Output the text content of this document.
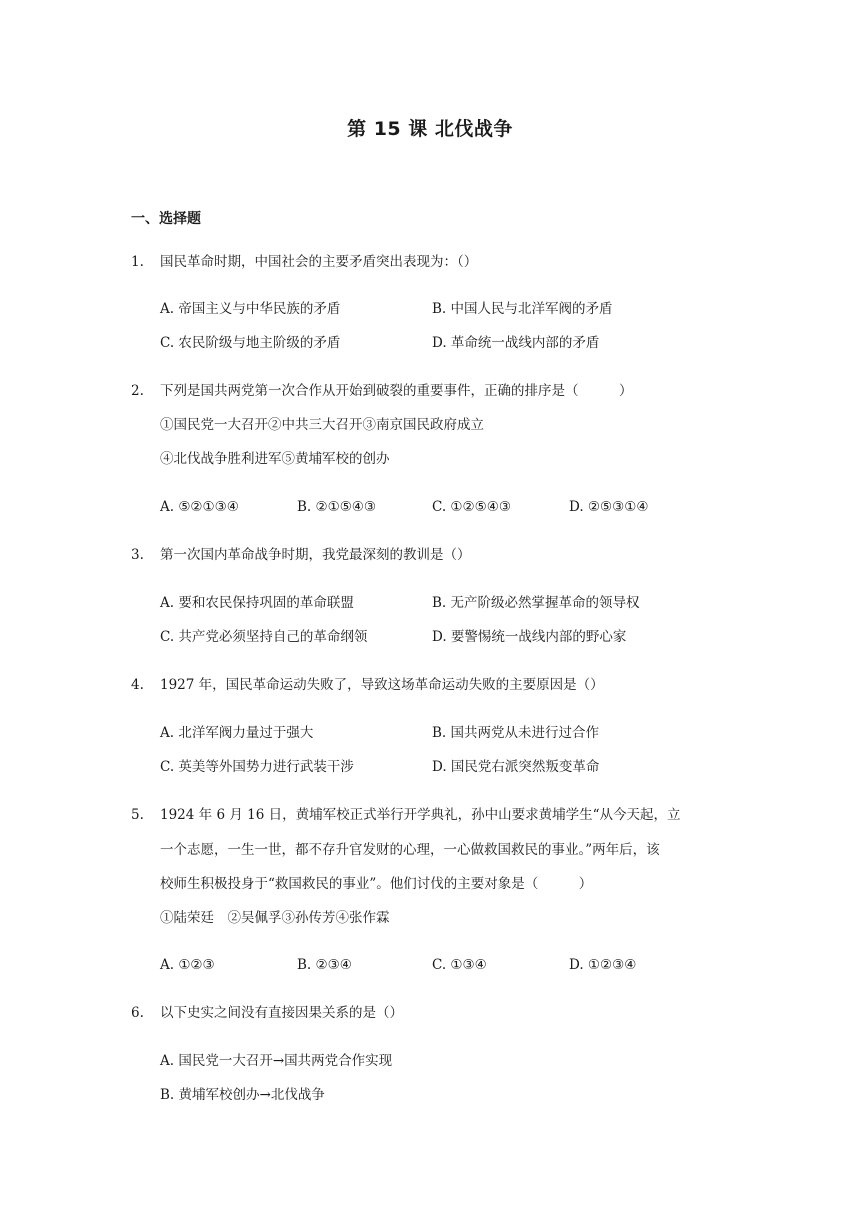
第 15 课 北伐战争
一、选择题
1. 国民革命时期，中国社会的主要矛盾突出表现为：（）
A. 帝国主义与中华民族的矛盾	B. 中国人民与北洋军阀的矛盾
C. 农民阶级与地主阶级的矛盾	D. 革命统一战线内部的矛盾
2. 下列是国共两党第一次合作从开始到破裂的重要事件，正确的排序是（　　　）
①国民党一大召开②中共三大召开③南京国民政府成立
④北伐战争胜利进军⑤黄埔军校的创办
A. ⑤②①③④	B. ②①⑤④③	C. ①②⑤④③	D. ②⑤③①④
3. 第一次国内革命战争时期，我党最深刻的教训是（）
A. 要和农民保持巩固的革命联盟	B. 无产阶级必然掌握革命的领导权
C. 共产党必须坚持自己的革命纲领	D. 要警惕统一战线内部的野心家
4. 1927 年，国民革命运动失败了，导致这场革命运动失败的主要原因是（）
A. 北洋军阀力量过于强大	B. 国共两党从未进行过合作
C. 英美等外国势力进行武装干涉	D. 国民党右派突然叛变革命
5. 1924 年 6 月 16 日，黄埔军校正式举行开学典礼，孙中山要求黄埔学生“从今天起，立
一个志愿，一生一世，都不存升官发财的心理，一心做救国救民的事业。”两年后，该
校师生积极投身于“救国救民的事业”。他们讨伐的主要对象是（　　　）
①陆荣廷　②吴佩孚③孙传芳④张作霖
A. ①②③	B. ②③④	C. ①③④	D. ①②③④
6. 以下史实之间没有直接因果关系的是（）
A. 国民党一大召开→国共两党合作实现
B. 黄埔军校创办→北伐战争
